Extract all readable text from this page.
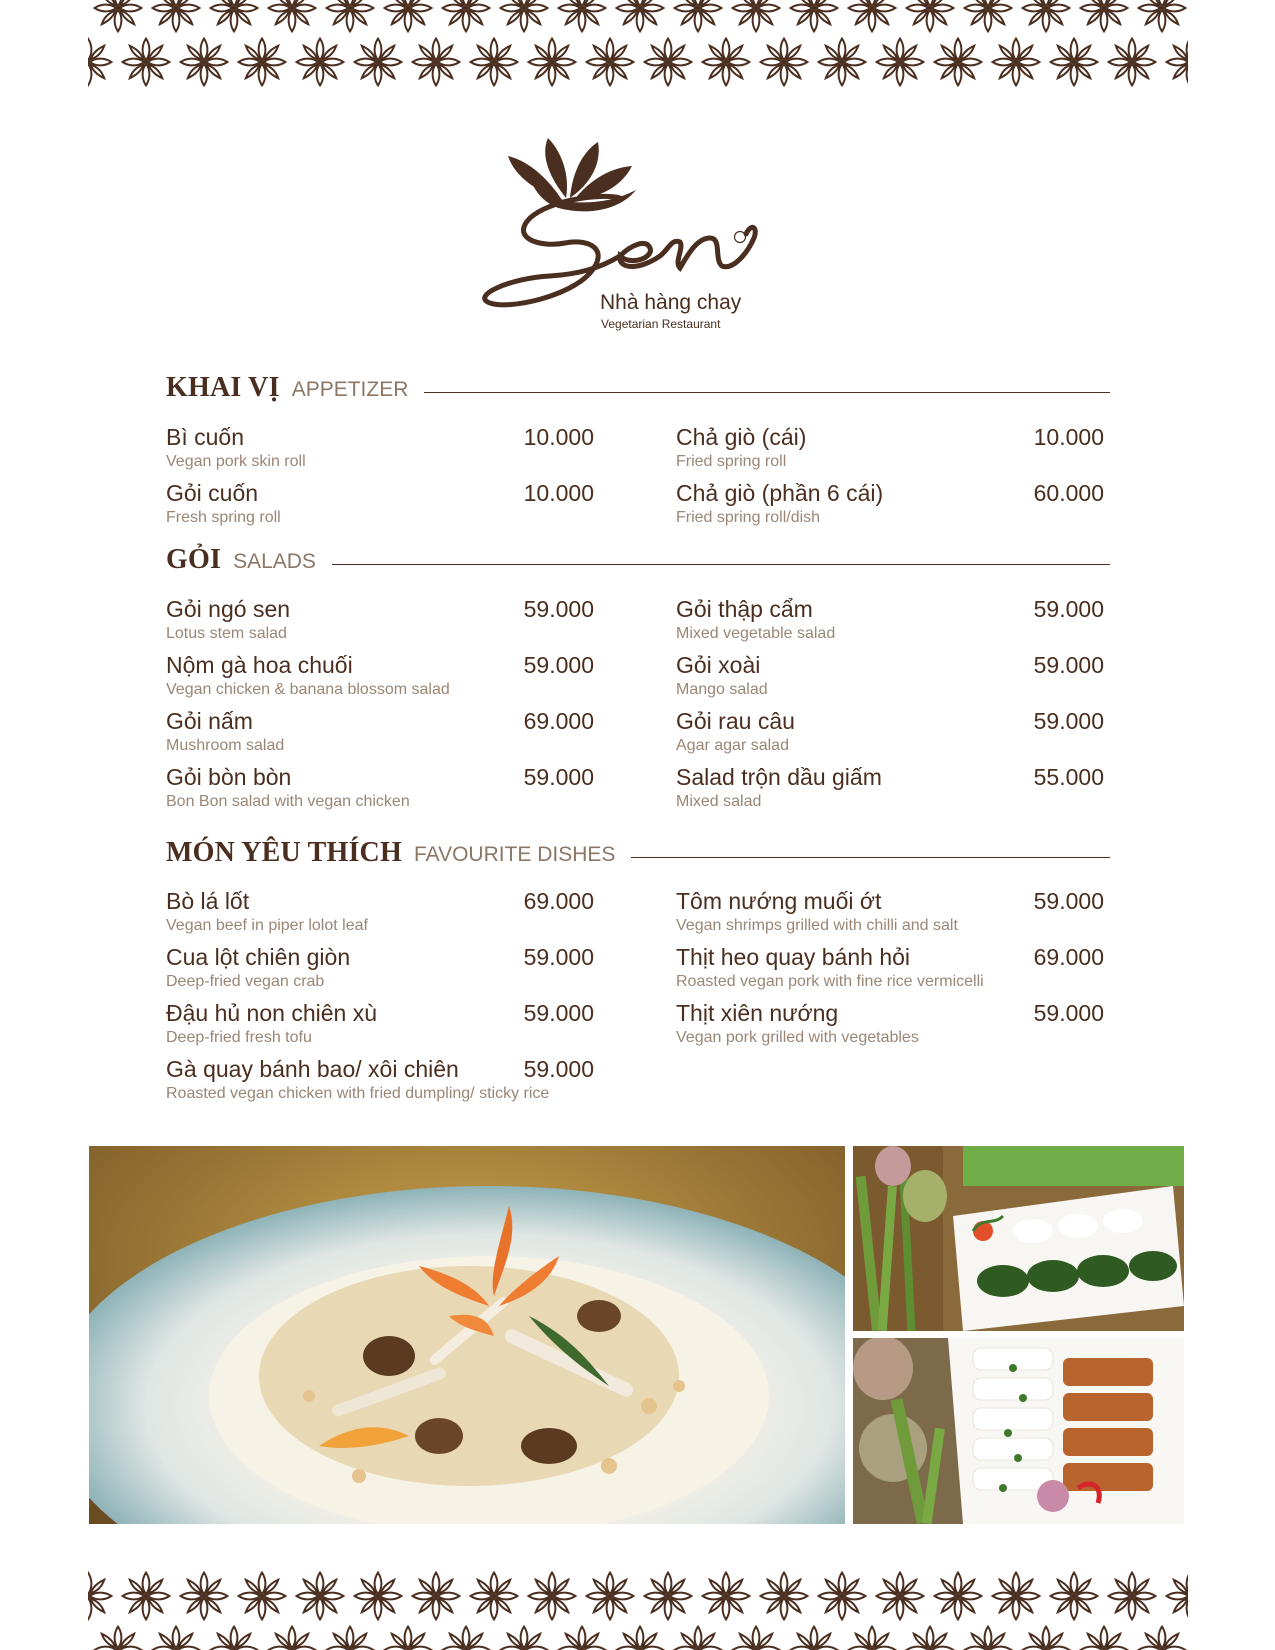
Nhà hàng chay
Vegetarian Restaurant
KHAI VỊ APPETIZER
Bì cuốn	10.000
Vegan pork skin roll
Gỏi cuốn	10.000
Fresh spring roll
Chả giò (cái)	10.000
Fried spring roll
Chả giò (phần 6 cái)	60.000
Fried spring roll/dish
GỎI SALADS
Gỏi ngó sen	59.000
Lotus stem salad
Nộm gà hoa chuối	59.000
Vegan chicken & banana blossom salad
Gỏi nấm	69.000
Mushroom salad
Gỏi bòn bòn	59.000
Bon Bon salad with vegan chicken
Gỏi thập cẩm	59.000
Mixed vegetable salad
Gỏi xoài	59.000
Mango salad
Gỏi rau câu	59.000
Agar agar salad
Salad trộn dầu giấm	55.000
Mixed salad
MÓN YÊU THÍCH FAVOURITE DISHES
Bò lá lốt	69.000
Vegan beef in piper lolot leaf
Cua lột chiên giòn	59.000
Deep-fried vegan crab
Đậu hủ non chiên xù	59.000
Deep-fried fresh tofu
Gà quay bánh bao/ xôi chiên	59.000
Roasted vegan chicken with fried dumpling/ sticky rice
Tôm nướng muối ớt	59.000
Vegan shrimps grilled with chilli and salt
Thịt heo quay bánh hỏi	69.000
Roasted vegan pork with fine rice vermicelli
Thịt xiên nướng	59.000
Vegan pork grilled with vegetables
